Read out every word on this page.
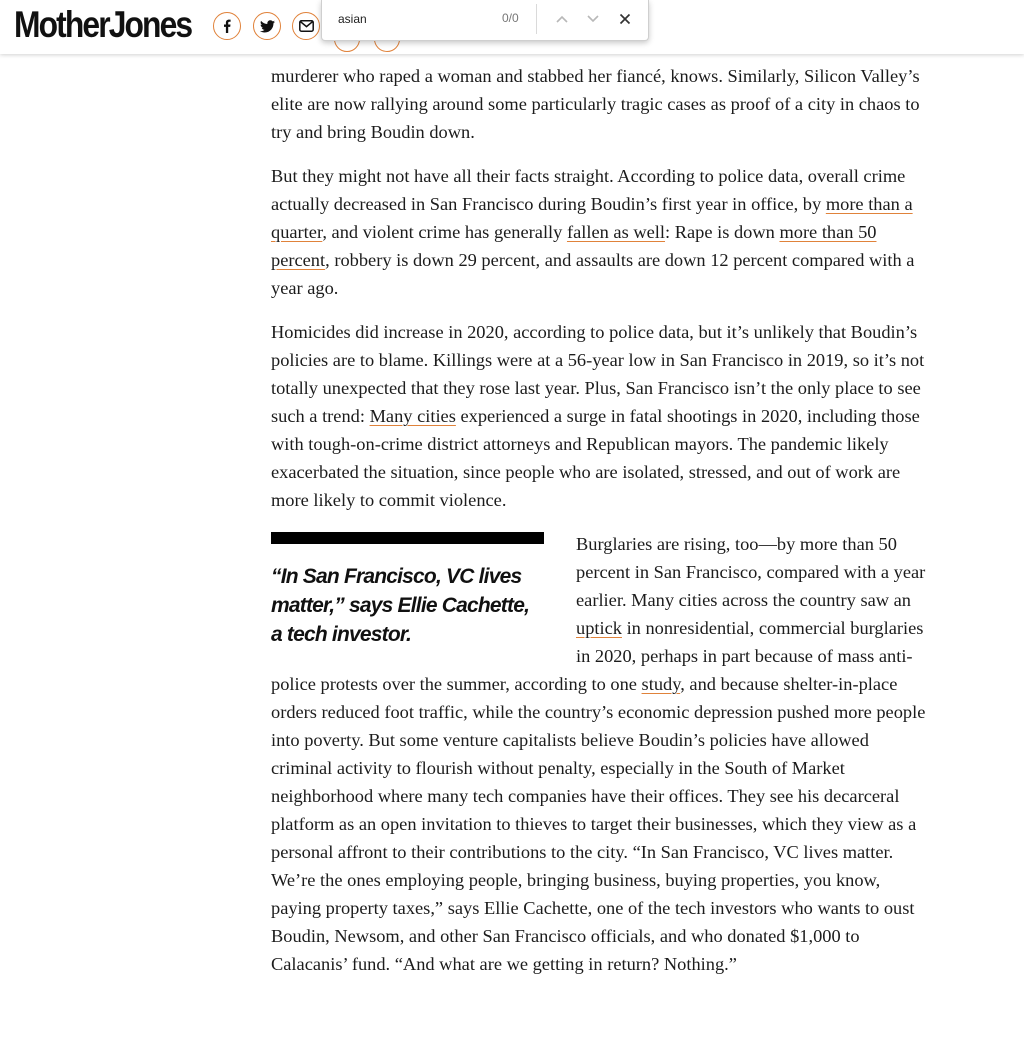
murderer who raped a woman and stabbed her fiancé, knows. Similarly, Silicon Valley’s elite are now rallying around some particularly tragic cases as proof of a city in chaos to try and bring Boudin down.

But they might not have all their facts straight. According to police data, overall crime actually decreased in San Francisco during Boudin’s first year in office, by more than a quarter, and violent crime has generally fallen as well: Rape is down more than 50 percent, robbery is down 29 percent, and assaults are down 12 percent compared with a year ago.

Homicides did increase in 2020, according to police data, but it’s unlikely that Boudin’s policies are to blame. Killings were at a 56-year low in San Francisco in 2019, so it’s not totally unexpected that they rose last year. Plus, San Francisco isn’t the only place to see such a trend: Many cities experienced a surge in fatal shootings in 2020, including those with tough-on-crime district attorneys and Republican mayors. The pandemic likely exacerbated the situation, since people who are isolated, stressed, and out of work are more likely to commit violence.

“In San Francisco, VC lives matter,” says Ellie Cachette, a tech investor.

Burglaries are rising, too—by more than 50 percent in San Francisco, compared with a year earlier. Many cities across the country saw an uptick in nonresidential, commercial burglaries in 2020, perhaps in part because of mass anti-police protests over the summer, according to one study, and because shelter-in-place orders reduced foot traffic, while the country’s economic depression pushed more people into poverty. But some venture capitalists believe Boudin’s policies have allowed criminal activity to flourish without penalty, especially in the South of Market neighborhood where many tech companies have their offices. They see his decarceral platform as an open invitation to thieves to target their businesses, which they view as a personal affront to their contributions to the city. “In San Francisco, VC lives matter. We’re the ones employing people, bringing business, buying properties, you know, paying property taxes,” says Ellie Cachette, one of the tech investors who wants to oust Boudin, Newsom, and other San Francisco officials, and who donated $1,000 to Calacanis’ fund. “And what are we getting in return? Nothing.”

MotherJones
asian	0/0
